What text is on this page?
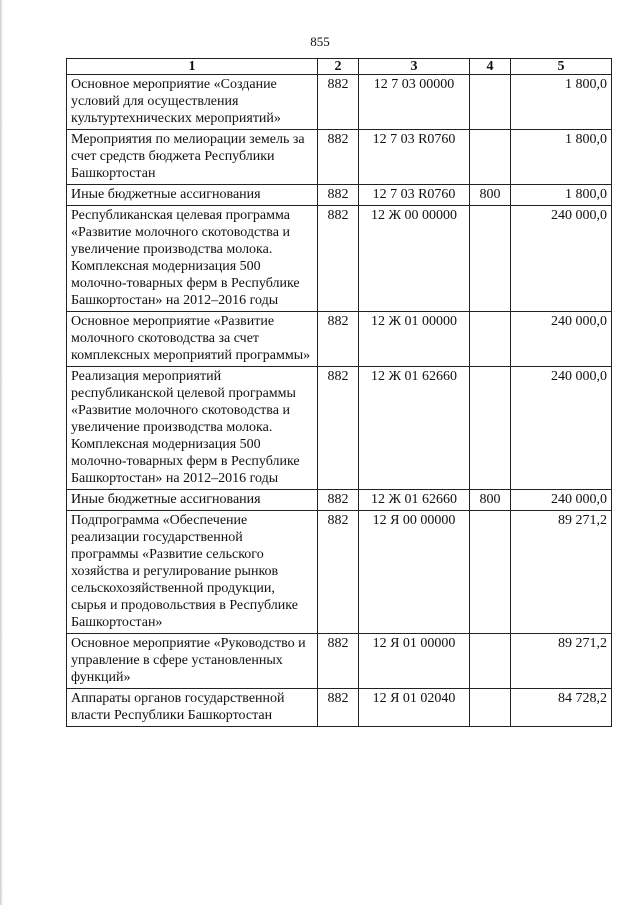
855
1	2	3	4	5
Основное мероприятие «Создание условий для осуществления культуртехнических мероприятий»	882	12 7 03 00000		1 800,0
Мероприятия по мелиорации земель за счет средств бюджета Республики Башкортостан	882	12 7 03 R0760		1 800,0
Иные бюджетные ассигнования	882	12 7 03 R0760	800	1 800,0
Республиканская целевая программа «Развитие молочного скотоводства и увеличение производства молока. Комплексная модернизация 500 молочно-товарных ферм в Республике Башкортостан» на 2012–2016 годы	882	12 Ж 00 00000		240 000,0
Основное мероприятие «Развитие молочного скотоводства за счет комплексных мероприятий программы»	882	12 Ж 01 00000		240 000,0
Реализация мероприятий республиканской целевой программы «Развитие молочного скотоводства и увеличение производства молока. Комплексная модернизация 500 молочно-товарных ферм в Республике Башкортостан» на 2012–2016 годы	882	12 Ж 01 62660		240 000,0
Иные бюджетные ассигнования	882	12 Ж 01 62660	800	240 000,0
Подпрограмма «Обеспечение реализации государственной программы «Развитие сельского хозяйства и регулирование рынков сельскохозяйственной продукции, сырья и продовольствия в Республике Башкортостан»	882	12 Я 00 00000		89 271,2
Основное мероприятие «Руководство и управление в сфере установленных функций»	882	12 Я 01 00000		89 271,2
Аппараты органов государственной власти Республики Башкортостан	882	12 Я 01 02040		84 728,2
